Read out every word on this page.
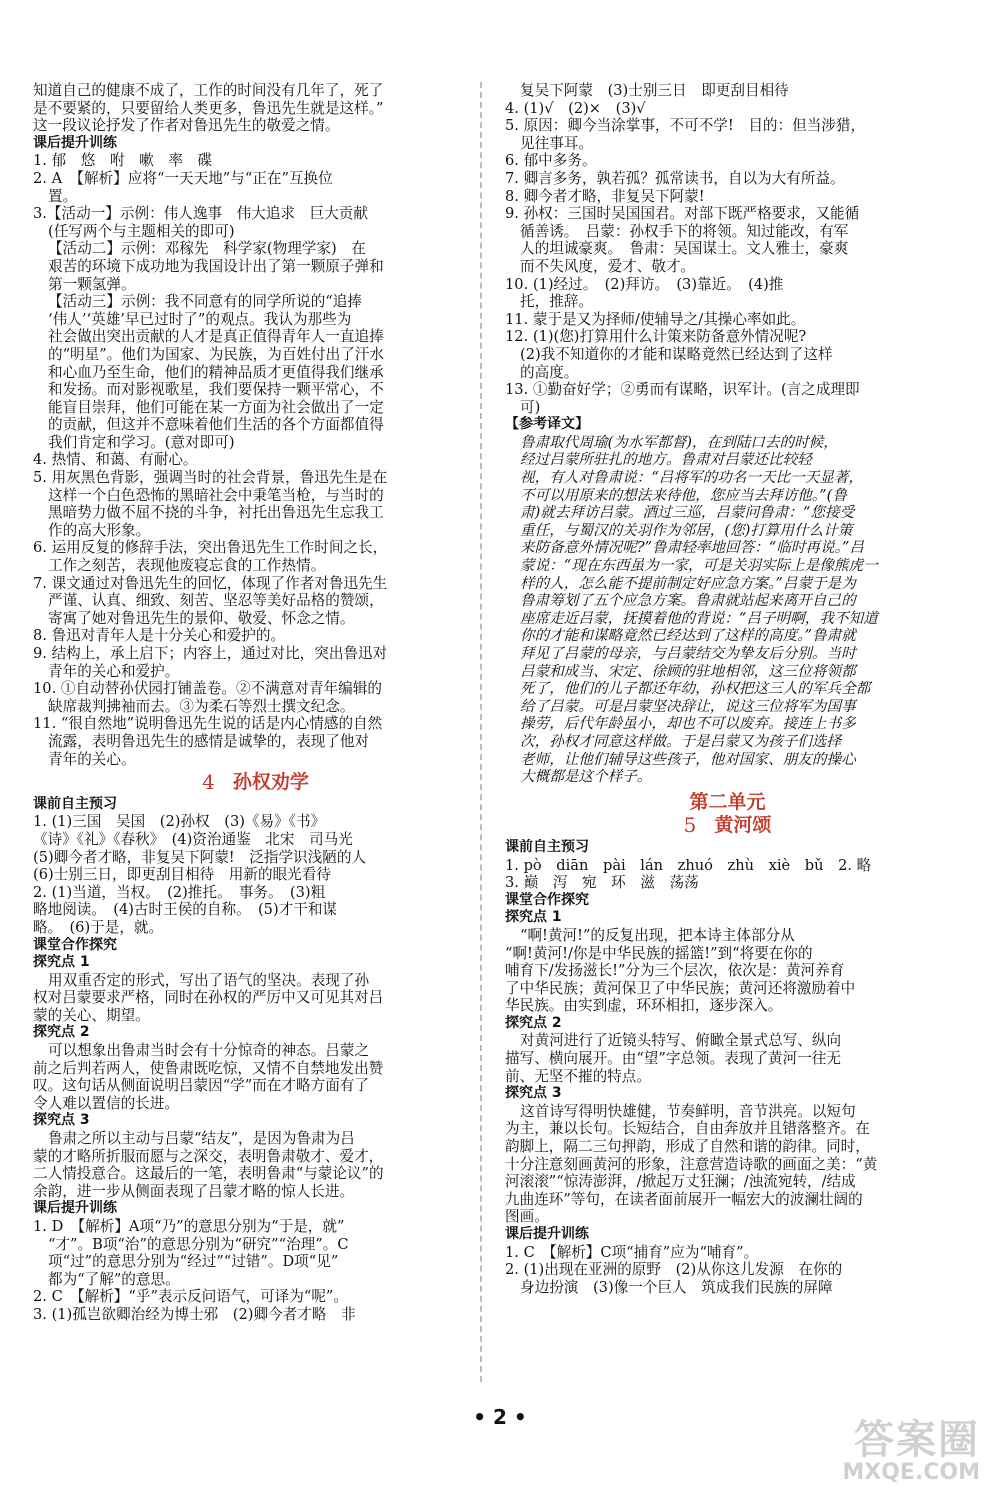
知道自己的健康不成了，工作的时间没有几年了，死了
是不要紧的，只要留给人类更多，鲁迅先生就是这样。”
这一段议论抒发了作者对鲁迅先生的敬爱之情。
课后提升训练
1. 郁　悠　咐　嗽　率　碟
2. A　【解析】应将“一天天地”与“正在”互换位
置。
3.【活动一】示例：伟人逸事　伟大追求　巨大贡献
(任写两个与主题相关的即可)
【活动二】示例：邓稼先　科学家(物理学家)　在
艰苦的环境下成功地为我国设计出了第一颗原子弹和
第一颗氢弹。
【活动三】示例：我不同意有的同学所说的“追捧
‘伟人’‘英雄’早已过时了”的观点。我认为那些为
社会做出突出贡献的人才是真正值得青年人一直追捧
的“明星”。他们为国家、为民族，为百姓付出了汗水
和心血乃至生命，他们的精神品质才更值得我们继承
和发扬。而对影视歌星，我们要保持一颗平常心，不
能盲目崇拜，他们可能在某一方面为社会做出了一定
的贡献，但这并不意味着他们生活的各个方面都值得
我们肯定和学习。(意对即可)
4. 热情、和蔼、有耐心。
5. 用灰黑色背影，强调当时的社会背景，鲁迅先生是在
这样一个白色恐怖的黑暗社会中秉笔当枪，与当时的
黑暗势力做不屈不挠的斗争，衬托出鲁迅先生忘我工
作的高大形象。
6. 运用反复的修辞手法，突出鲁迅先生工作时间之长，
工作之刻苦，表现他废寝忘食的工作热情。
7. 课文通过对鲁迅先生的回忆，体现了作者对鲁迅先生
严谨、认真、细致、刻苦、坚忍等美好品格的赞颂，
寄寓了她对鲁迅先生的景仰、敬爱、怀念之情。
8. 鲁迅对青年人是十分关心和爱护的。
9. 结构上，承上启下；内容上，通过对比，突出鲁迅对
青年的关心和爱护。
10. ①自动替孙伏园打铺盖卷。②不满意对青年编辑的
缺席裁判拂袖而去。③为柔石等烈士撰文纪念。
11. “很自然地”说明鲁迅先生说的话是内心情感的自然
流露，表明鲁迅先生的感情是诚挚的，表现了他对
青年的关心。
4 孙权劝学
课前自主预习
1. (1)三国　吴国　(2)孙权　(3)《易》《书》
《诗》《礼》《春秋》　(4)资治通鉴　北宋　司马光
(5)卿今者才略，非复吴下阿蒙!　泛指学识浅陋的人
(6)士别三日，即更刮目相待　用新的眼光看待
2. (1)当道，当权。　(2)推托。　事务。　(3)粗
略地阅读。　(4)古时王侯的自称。　(5)才干和谋
略。　(6)于是，就。
课堂合作探究
探究点 1
用双重否定的形式，写出了语气的坚决。表现了孙
权对吕蒙要求严格，同时在孙权的严厉中又可见其对吕
蒙的关心、期望。
探究点 2
可以想象出鲁肃当时会有十分惊奇的神态。吕蒙之
前之后判若两人，使鲁肃既吃惊，又情不自禁地发出赞
叹。这句话从侧面说明吕蒙因“学”而在才略方面有了
令人难以置信的长进。
探究点 3
鲁肃之所以主动与吕蒙“结友”，是因为鲁肃为吕
蒙的才略所折服而愿与之深交，表明鲁肃敬才、爱才，
二人情投意合。这最后的一笔，表明鲁肃“与蒙论议”的
余韵，进一步从侧面表现了吕蒙才略的惊人长进。
课后提升训练
1. D　【解析】A项“乃”的意思分别为“于是，就”
“才”。B项“治”的意思分别为“研究”“治理”。C
项“过”的意思分别为“经过”“过错”。D项“见”
都为“了解”的意思。
2. C　【解析】“乎”表示反问语气，可译为“呢”。
3. (1)孤岂欲卿治经为博士邪　(2)卿今者才略　非
复吴下阿蒙　(3)士别三日　即更刮目相待
4. (1)√　(2)×　(3)√
5. 原因：卿今当涂掌事，不可不学!　目的：但当涉猎，
见往事耳。
6. 郁中多务。
7. 卿言多务，孰若孤？孤常读书，自以为大有所益。
8. 卿今者才略，非复吴下阿蒙!
9. 孙权：三国时吴国国君。对部下既严格要求，又能循
循善诱。　吕蒙：孙权手下的将领。知过能改，有军
人的坦诚豪爽。　鲁肃：吴国谋士。文人雅士，豪爽
而不失风度，爱才、敬才。
10. (1)经过。　(2)拜访。　(3)靠近。　(4)推
托，推辞。
11. 蒙于是又为择师/使辅导之/其操心率如此。
12. (1)(您)打算用什么计策来防备意外情况呢?
(2)我不知道你的才能和谋略竟然已经达到了这样
的高度。
13. ①勤奋好学；②勇而有谋略，识军计。(言之成理即
可)
【参考译文】
鲁肃取代周瑜(为水军都督)，在到陆口去的时候，
经过吕蒙所驻扎的地方。鲁肃对吕蒙还比较轻
视，有人对鲁肃说：“吕将军的功名一天比一天显著，
不可以用原来的想法来待他，您应当去拜访他。”(鲁
肃)就去拜访吕蒙。酒过三巡，吕蒙问鲁肃：“您接受
重任，与蜀汉的关羽作为邻居，(您)打算用什么计策
来防备意外情况呢?”鲁肃轻率地回答：“临时再说。”吕
蒙说：“现在东西虽为一家，可是关羽实际上是像熊虎一
样的人，怎么能不提前制定好应急方案。”吕蒙于是为
鲁肃筹划了五个应急方案。鲁肃就站起来离开自己的
座席走近吕蒙，抚摸着他的背说：“吕子明啊，我不知道
你的才能和谋略竟然已经达到了这样的高度。”鲁肃就
拜见了吕蒙的母亲，与吕蒙结交为挚友后分别。当时
吕蒙和成当、宋定、徐顾的驻地相邻，这三位将领都
死了，他们的儿子都还年幼，孙权把这三人的军兵全都
给了吕蒙。可是吕蒙坚决辞让，说这三位将军为国事
操劳，后代年龄虽小，却也不可以废弃。接连上书多
次，孙权才同意这样做。于是吕蒙又为孩子们选择
老师，让他们辅导这些孩子，他对国家、朋友的操心
大概都是这个样子。
第二单元
5 黄河颂
课前自主预习
1. pò　diān　pài　lán　zhuó　zhù　xiè　bǔ　2. 略
3. 巅　泻　宛　环　滋　荡荡
课堂合作探究
探究点 1
“啊!黄河!”的反复出现，把本诗主体部分从
“啊!黄河!/你是中华民族的摇篮!”到“将要在你的
哺育下/发扬滋长!”分为三个层次，依次是：黄河养育
了中华民族；黄河保卫了中华民族；黄河还将激励着中
华民族。由实到虚，环环相扣，逐步深入。
探究点 2
对黄河进行了近镜头特写、俯瞰全景式总写、纵向
描写、横向展开。由“望”字总领。表现了黄河一往无
前、无坚不摧的特点。
探究点 3
这首诗写得明快雄健，节奏鲜明，音节洪亮。以短句
为主，兼以长句。长短结合，自由奔放并且错落整齐。在
韵脚上，隔二三句押韵，形成了自然和谐的韵律。同时，
十分注意刻画黄河的形象，注意营造诗歌的画面之美：“黄
河滚滚”“惊涛澎湃，/掀起万丈狂澜；/浊流宛转，/结成
九曲连环”等句，在读者面前展开一幅宏大的波澜壮阔的
图画。
课后提升训练
1. C　【解析】C项“捕育”应为“哺育”。
2. (1)出现在亚洲的原野　(2)从你这儿发源　在你的
身边扮演　(3)像一个巨人　筑成我们民族的屏障
• 2 •	答案圈
MXQE.COM
